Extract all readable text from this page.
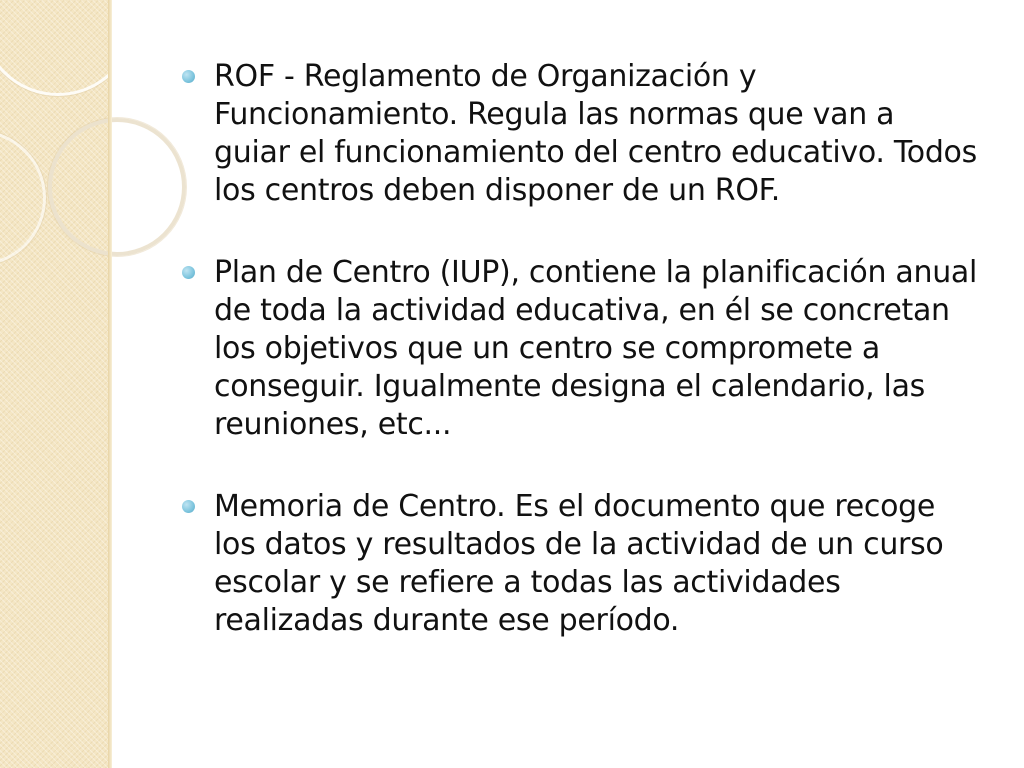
ROF - Reglamento de Organización y Funcionamiento. Regula las normas que van a guiar el funcionamiento del centro educativo. Todos los centros deben disponer de un ROF.
Plan de Centro (IUP), contiene la planificación anual de toda la actividad educativa, en él se concretan los objetivos que un centro se compromete a conseguir. Igualmente designa el calendario, las reuniones, etc...
Memoria de Centro. Es el documento que recoge los datos y resultados de la actividad de un curso escolar y se refiere a todas las actividades realizadas durante ese período.
